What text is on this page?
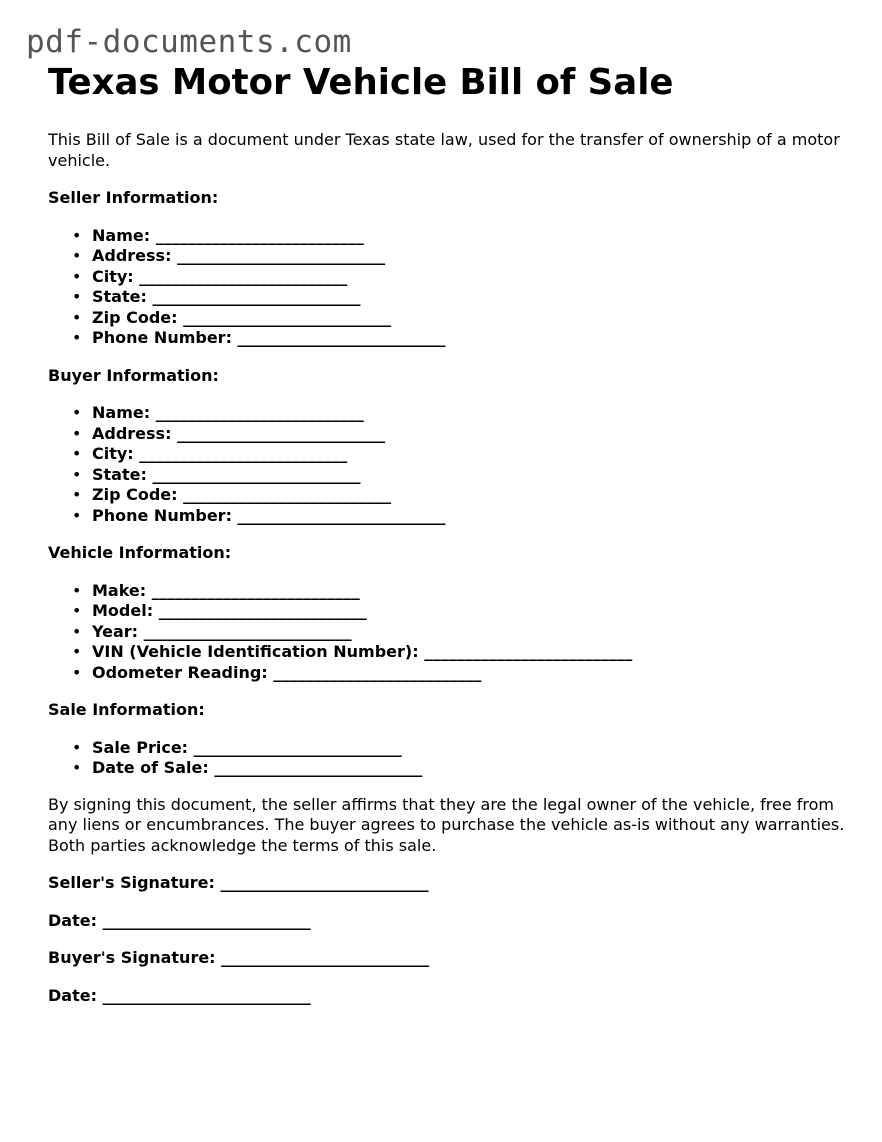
pdf-documents.com
Texas Motor Vehicle Bill of Sale

This Bill of Sale is a document under Texas state law, used for the transfer of ownership of a motor vehicle.

Seller Information:
• Name: __________________________
• Address: __________________________
• City: __________________________
• State: __________________________
• Zip Code: __________________________
• Phone Number: __________________________
Buyer Information:
• Name: __________________________
• Address: __________________________
• City: __________________________
• State: __________________________
• Zip Code: __________________________
• Phone Number: __________________________
Vehicle Information:
• Make: __________________________
• Model: __________________________
• Year: __________________________
• VIN (Vehicle Identification Number): __________________________
• Odometer Reading: __________________________
Sale Information:
• Sale Price: __________________________
• Date of Sale: __________________________

By signing this document, the seller affirms that they are the legal owner of the vehicle, free from any liens or encumbrances. The buyer agrees to purchase the vehicle as-is without any warranties. Both parties acknowledge the terms of this sale.

Seller's Signature: __________________________
Date: __________________________
Buyer's Signature: __________________________
Date: __________________________
